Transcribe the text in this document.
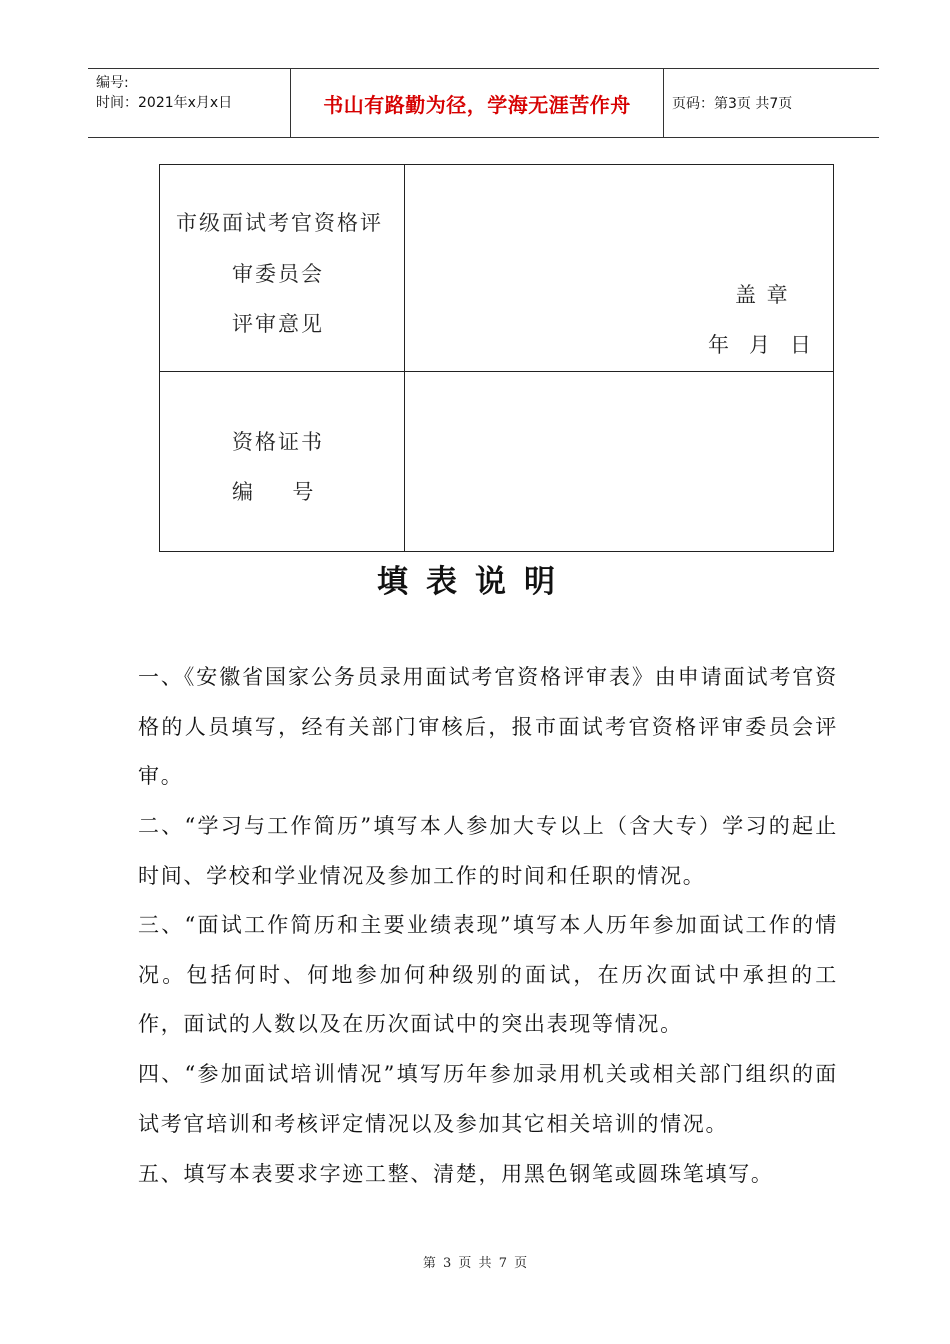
编号:
时间：2021年x月x日	书山有路勤为径，学海无涯苦作舟	页码：第3页 共7页
市级面试考官资格评
审委员会
评审意见
盖 章
年   月   日
资格证书
编     号
填表说明
一、《安徽省国家公务员录用面试考官资格评审表》由申请面试考官资格的人员填写，经有关部门审核后，报市面试考官资格评审委员会评审。
二、“学习与工作简历”填写本人参加大专以上（含大专）学习的起止时间、学校和学业情况及参加工作的时间和任职的情况。
三、“面试工作简历和主要业绩表现”填写本人历年参加面试工作的情况。包括何时、何地参加何种级别的面试，在历次面试中承担的工作，面试的人数以及在历次面试中的突出表现等情况。
四、“参加面试培训情况”填写历年参加录用机关或相关部门组织的面试考官培训和考核评定情况以及参加其它相关培训的情况。
五、填写本表要求字迹工整、清楚，用黑色钢笔或圆珠笔填写。
第 3 页 共 7 页
